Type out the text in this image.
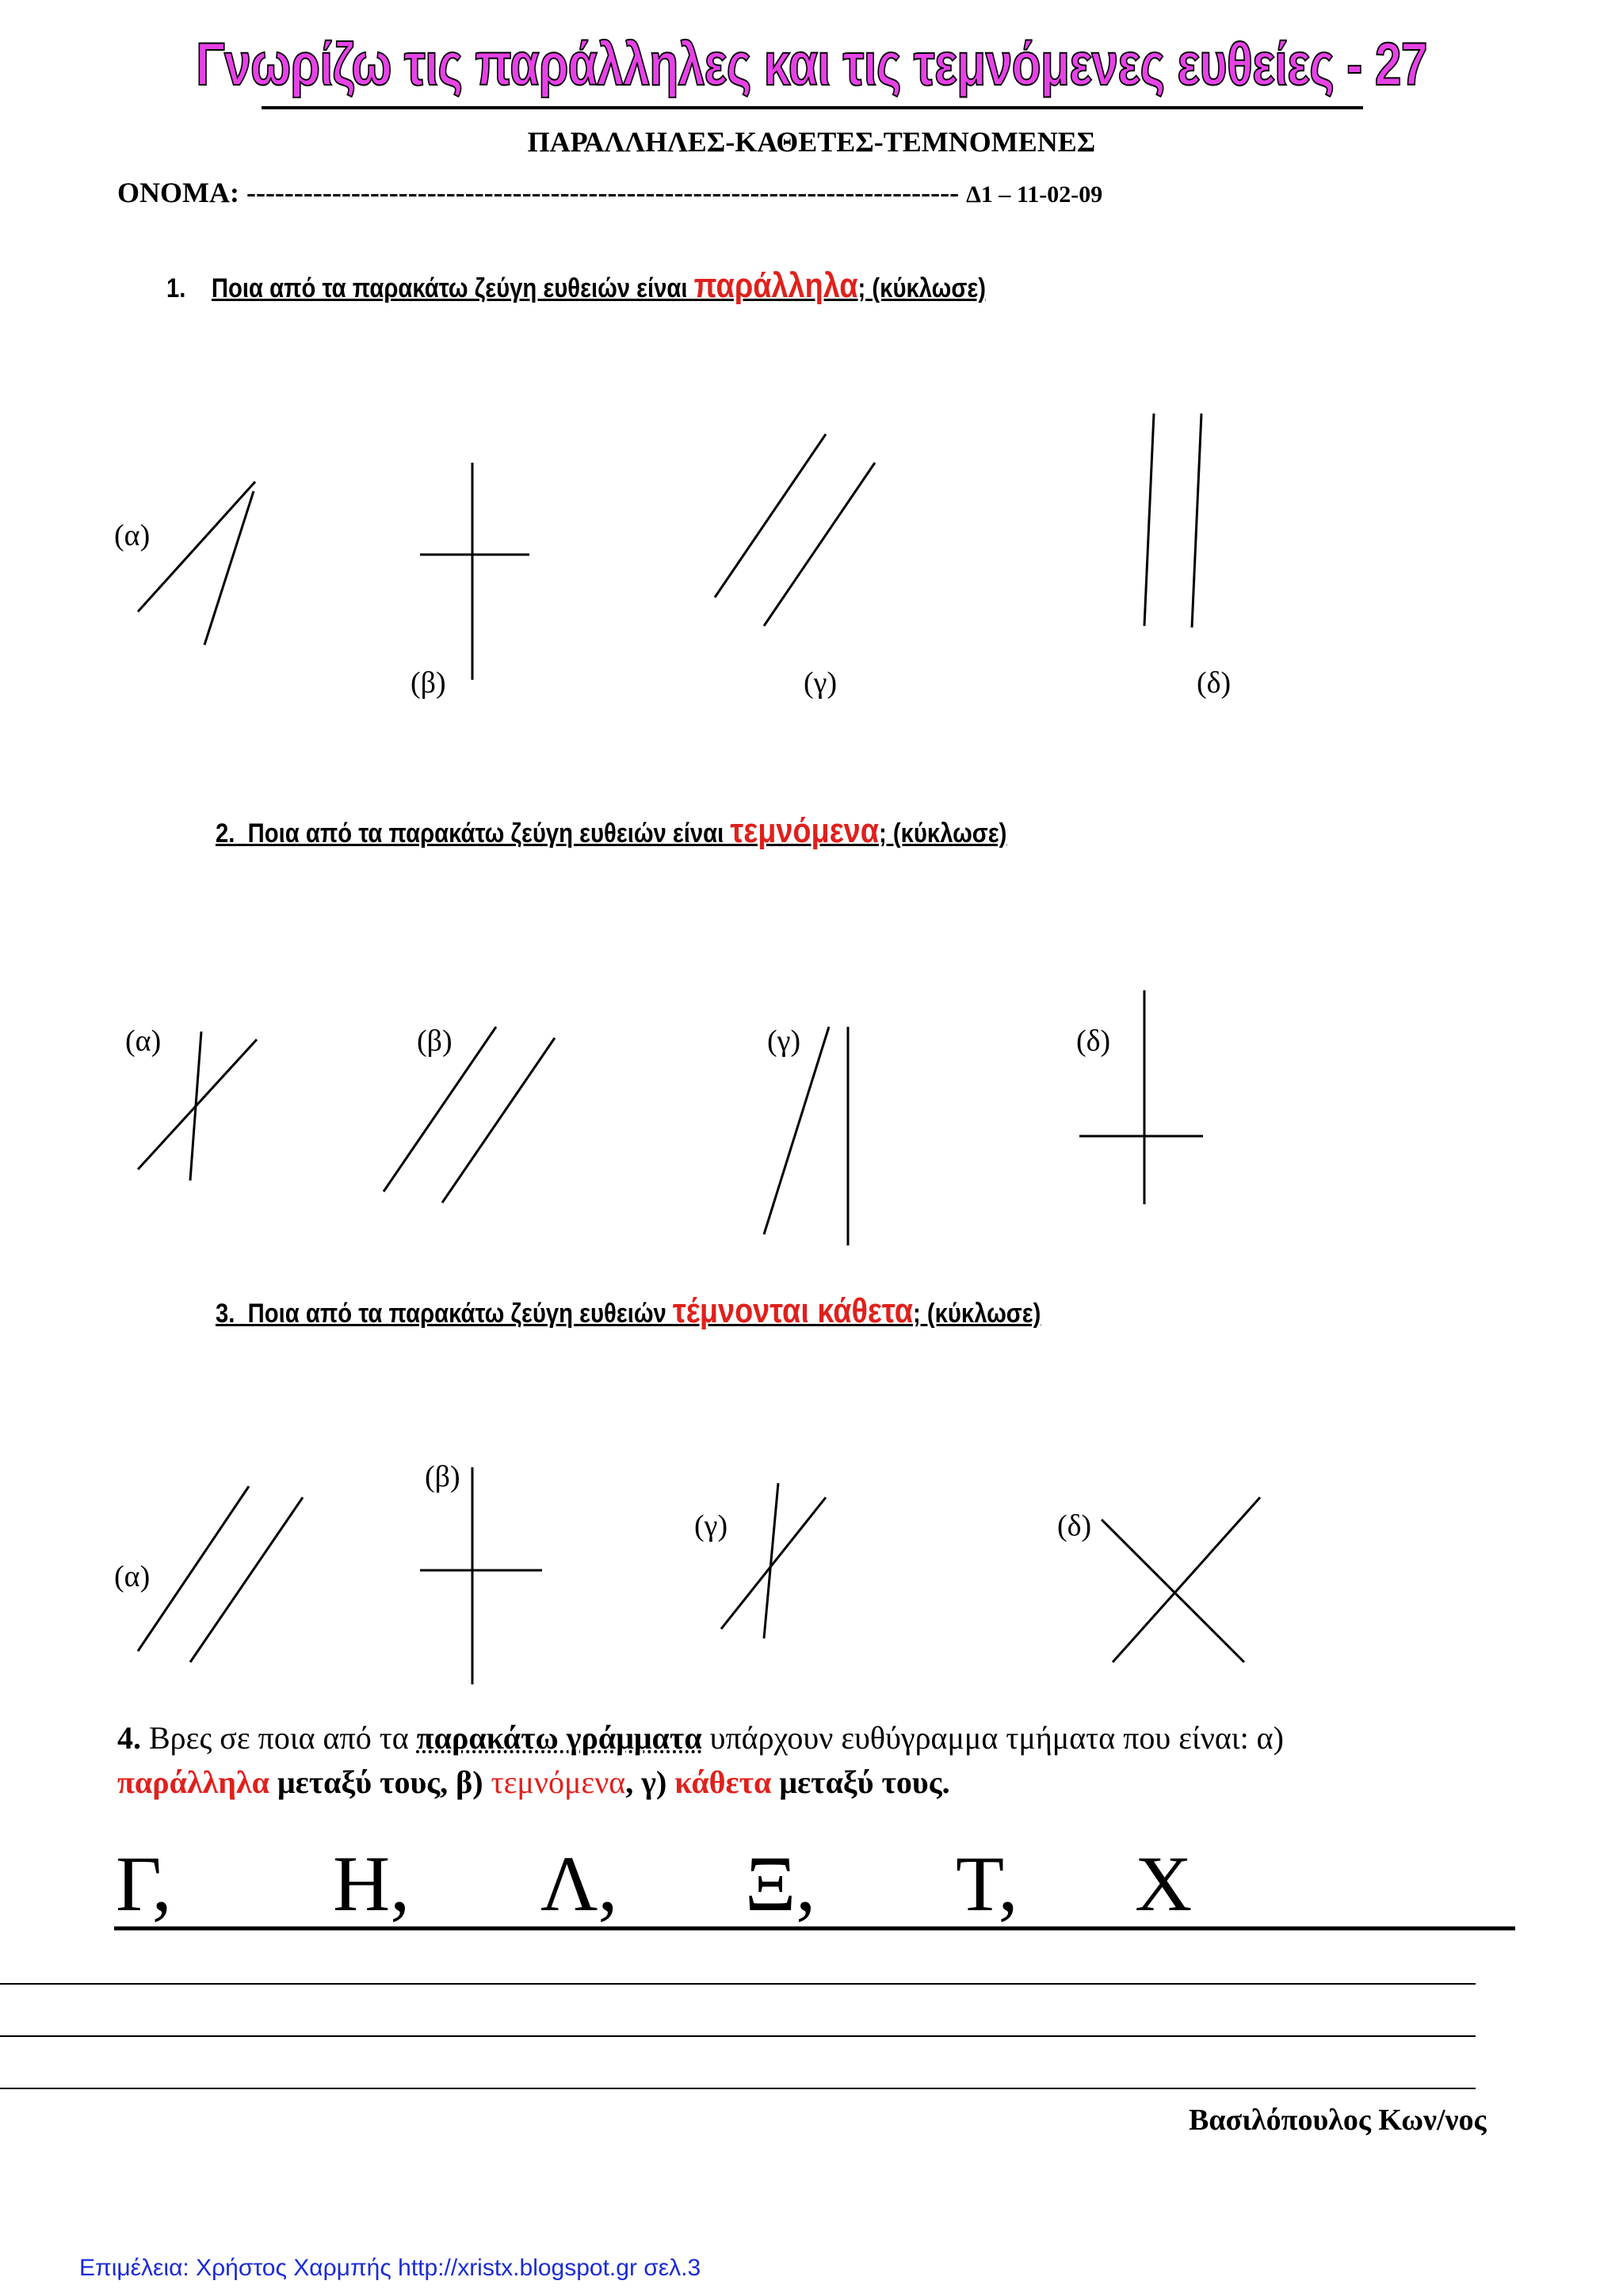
Γνωρίζω τις παράλληλες και τις τεμνόμενες ευθείες - 27
ΠΑΡΑΛΛΗΛΕΣ-ΚΑΘΕΤΕΣ-ΤΕΜΝΟΜΕΝΕΣ
ΟΝΟΜΑ: --------------------------------------------------------------------------- Δ1 – 11-02-09
1. Ποια από τα παρακάτω ζεύγη ευθειών είναι παράλληλα; (κύκλωσε)
2. Ποια από τα παρακάτω ζεύγη ευθειών είναι τεμνόμενα; (κύκλωσε)
3. Ποια από τα παρακάτω ζεύγη ευθειών τέμνονται κάθετα; (κύκλωσε)
(α)
(β)	(γ)	(δ)
(α)	(β)	(γ)	(δ)
(α)
(β)
(γ)	(δ)
4. Βρες σε ποια από τα παρακάτω γράμματα υπάρχουν ευθύγραμμα τμήματα που είναι: α)
παράλληλα μεταξύ τους, β) τεμνόμενα, γ) κάθετα μεταξύ τους.
Γ, Η, Λ, Ξ, Τ, Χ
Βασιλόπουλος Κων/νος
Επιμέλεια: Χρήστος Χαρμπής http://xristx.blogspot.gr σελ.3
